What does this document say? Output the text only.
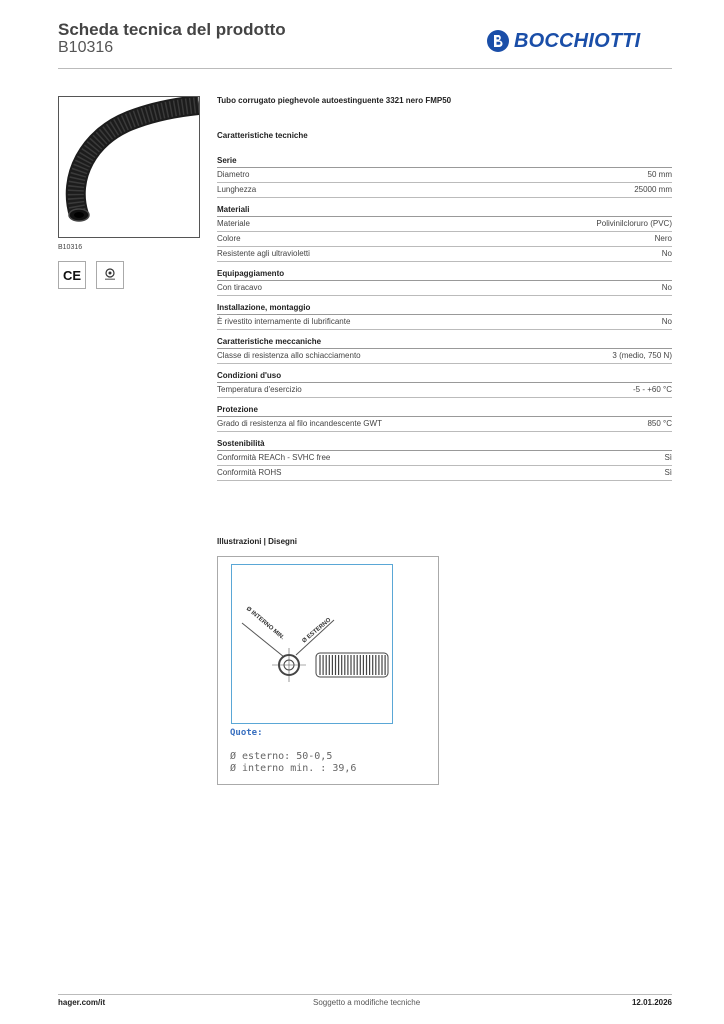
Scheda tecnica del prodotto
B10316	BOCCHIOTTI
B10316
CE
Tubo corrugato pieghevole autoestinguente 3321 nero FMP50
Caratteristiche tecniche
Serie
Diametro	50 mm
Lunghezza	25000 mm
Materiali
Materiale	Polivinilcloruro (PVC)
Colore	Nero
Resistente agli ultravioletti	No
Equipaggiamento
Con tiracavo	No
Installazione, montaggio
È rivestito internamente di lubrificante	No
Caratteristiche meccaniche
Classe di resistenza allo schiacciamento	3 (medio, 750 N)
Condizioni d'uso
Temperatura d'esercizio	-5 - +60 °C
Protezione
Grado di resistenza al filo incandescente GWT	850 °C
Sostenibilità
Conformità REACh - SVHC free	Sì
Conformità ROHS	Sì
Illustrazioni | Disegni
Ø INTERNO MIN.	Ø ESTERNO
Quote:
Ø esterno: 50-0,5
Ø interno min. : 39,6
hager.com/it	Soggetto a modifiche tecniche	12.01.2026
